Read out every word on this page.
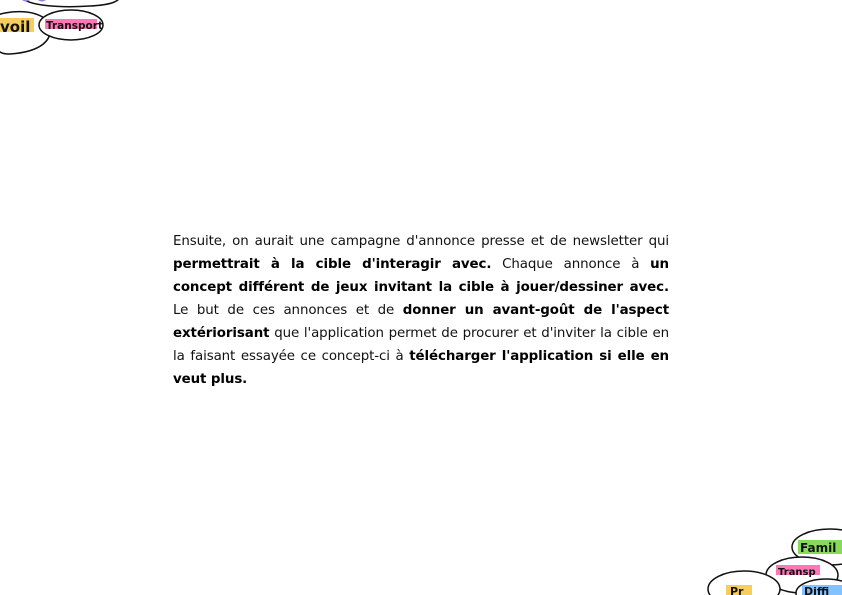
voil Transport
Ensuite, on aurait une campagne d'annonce presse et de newsletter qui permettrait à la cible d'interagir avec. Chaque annonce à un concept différent de jeux invitant la cible à jouer/dessiner avec. Le but de ces annonces et de donner un avant-goût de l'aspect extériorisant que l'application permet de procurer et d'inviter la cible en la faisant essayée ce concept-ci à télécharger l'application si elle en veut plus.
Famil
Transp
Pr	Diffi
